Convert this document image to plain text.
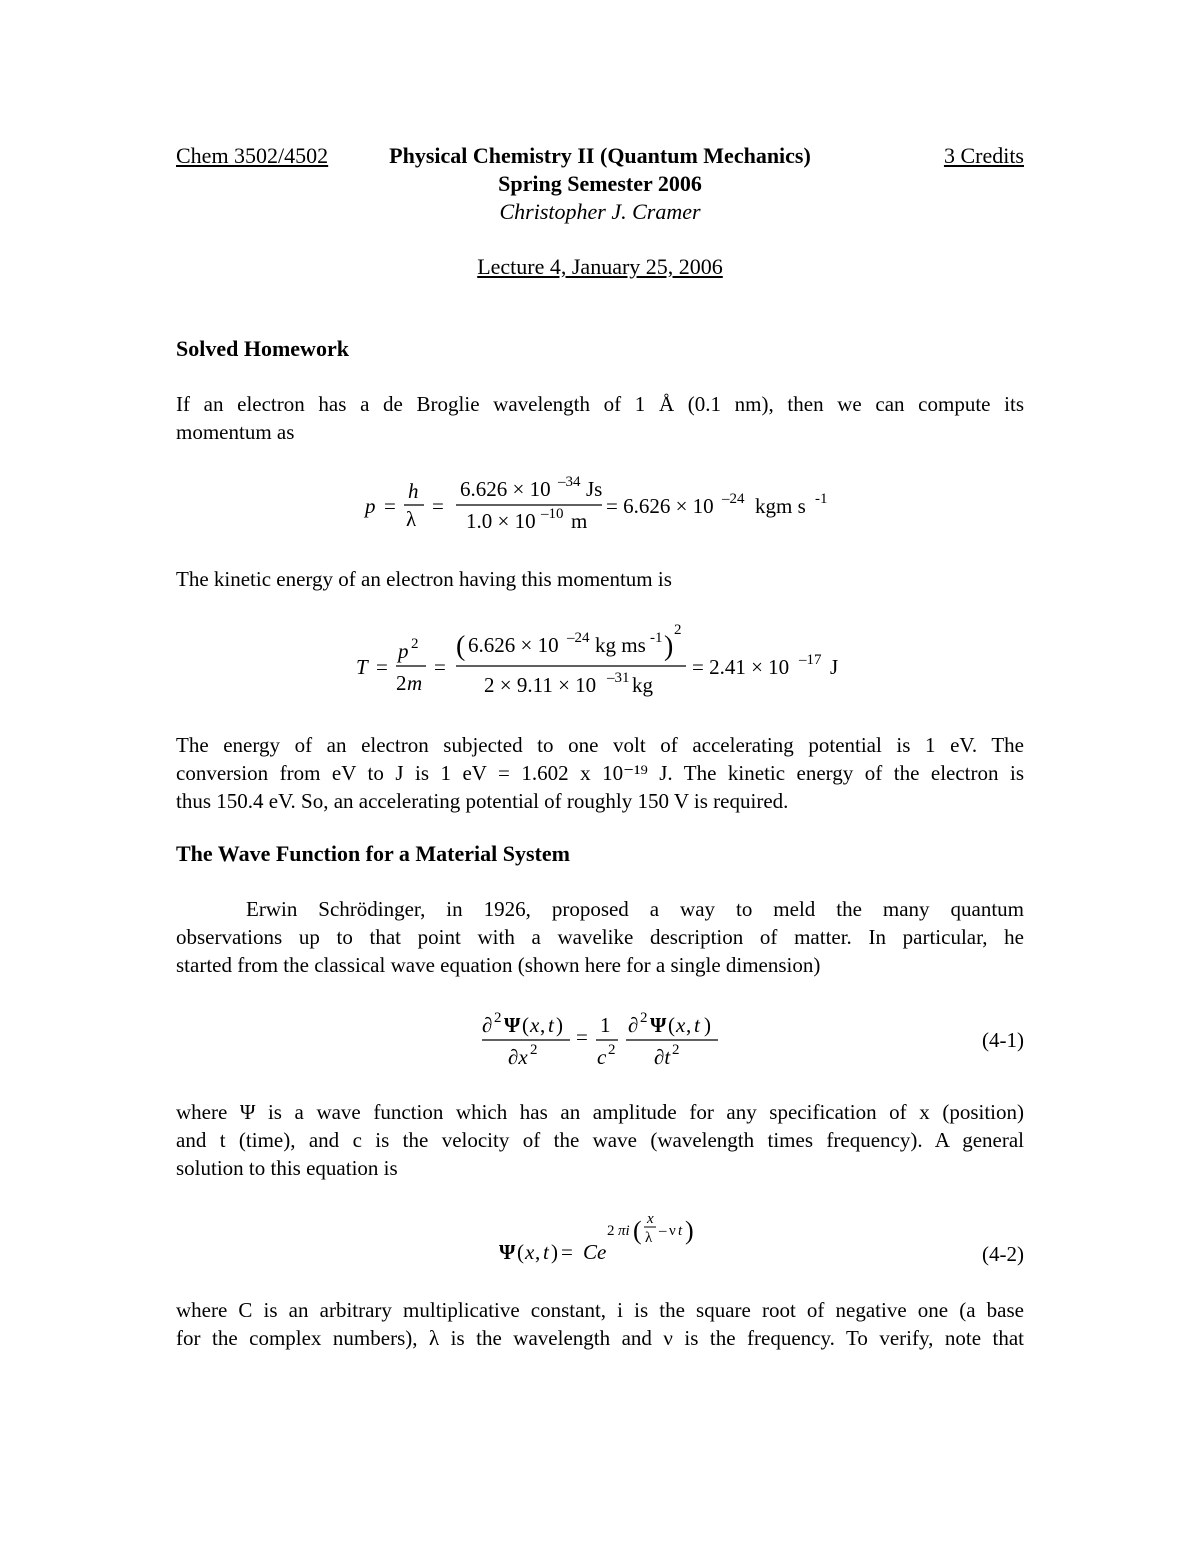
Chem 3502/4502	Physical Chemistry II (Quantum Mechanics)	3 Credits
Spring Semester 2006
Christopher J. Cramer
Lecture 4, January 25, 2006
Solved Homework
If an electron has a de Broglie wavelength of 1 Å (0.1 nm), then we can compute its
momentum as
p =
h
λ
=
6.626 × 10 –34 Js
1.0 × 10 –10 m
= 6.626 × 10 –24 kgm s -1
The kinetic energy of an electron having this momentum is
T =
p 2
2 m
=
( 6.626 × 10 –24 kg ms -1 )
2
2 × 9.11 × 10 –31 kg
= 2.41 × 10 –17 J
The energy of an electron subjected to one volt of accelerating potential is 1 eV. The
conversion from eV to J is 1 eV = 1.602 x 10⁻¹⁹ J. The kinetic energy of the electron is
thus 150.4 eV. So, an accelerating potential of roughly 150 V is required.
The Wave Function for a Material System
Erwin Schrödinger, in 1926, proposed a way to meld the many quantum
observations up to that point with a wavelike description of matter. In particular, he
started from the classical wave equation (shown here for a single dimension)
∂ 2 Ψ ( x , t )
∂x 2
= 1
c 2
∂ 2 Ψ ( x , t )
∂t 2	(4-1)
where Ψ is a wave function which has an amplitude for any specification of x (position)
and t (time), and c is the velocity of the wave (wavelength times frequency). A general
solution to this equation is
Ψ ( x , t ) = Ce
2 πi ( x
λ – ν t )
(4-2)
where C is an arbitrary multiplicative constant, i is the square root of negative one (a base
for the complex numbers), λ is the wavelength and ν is the frequency. To verify, note that
